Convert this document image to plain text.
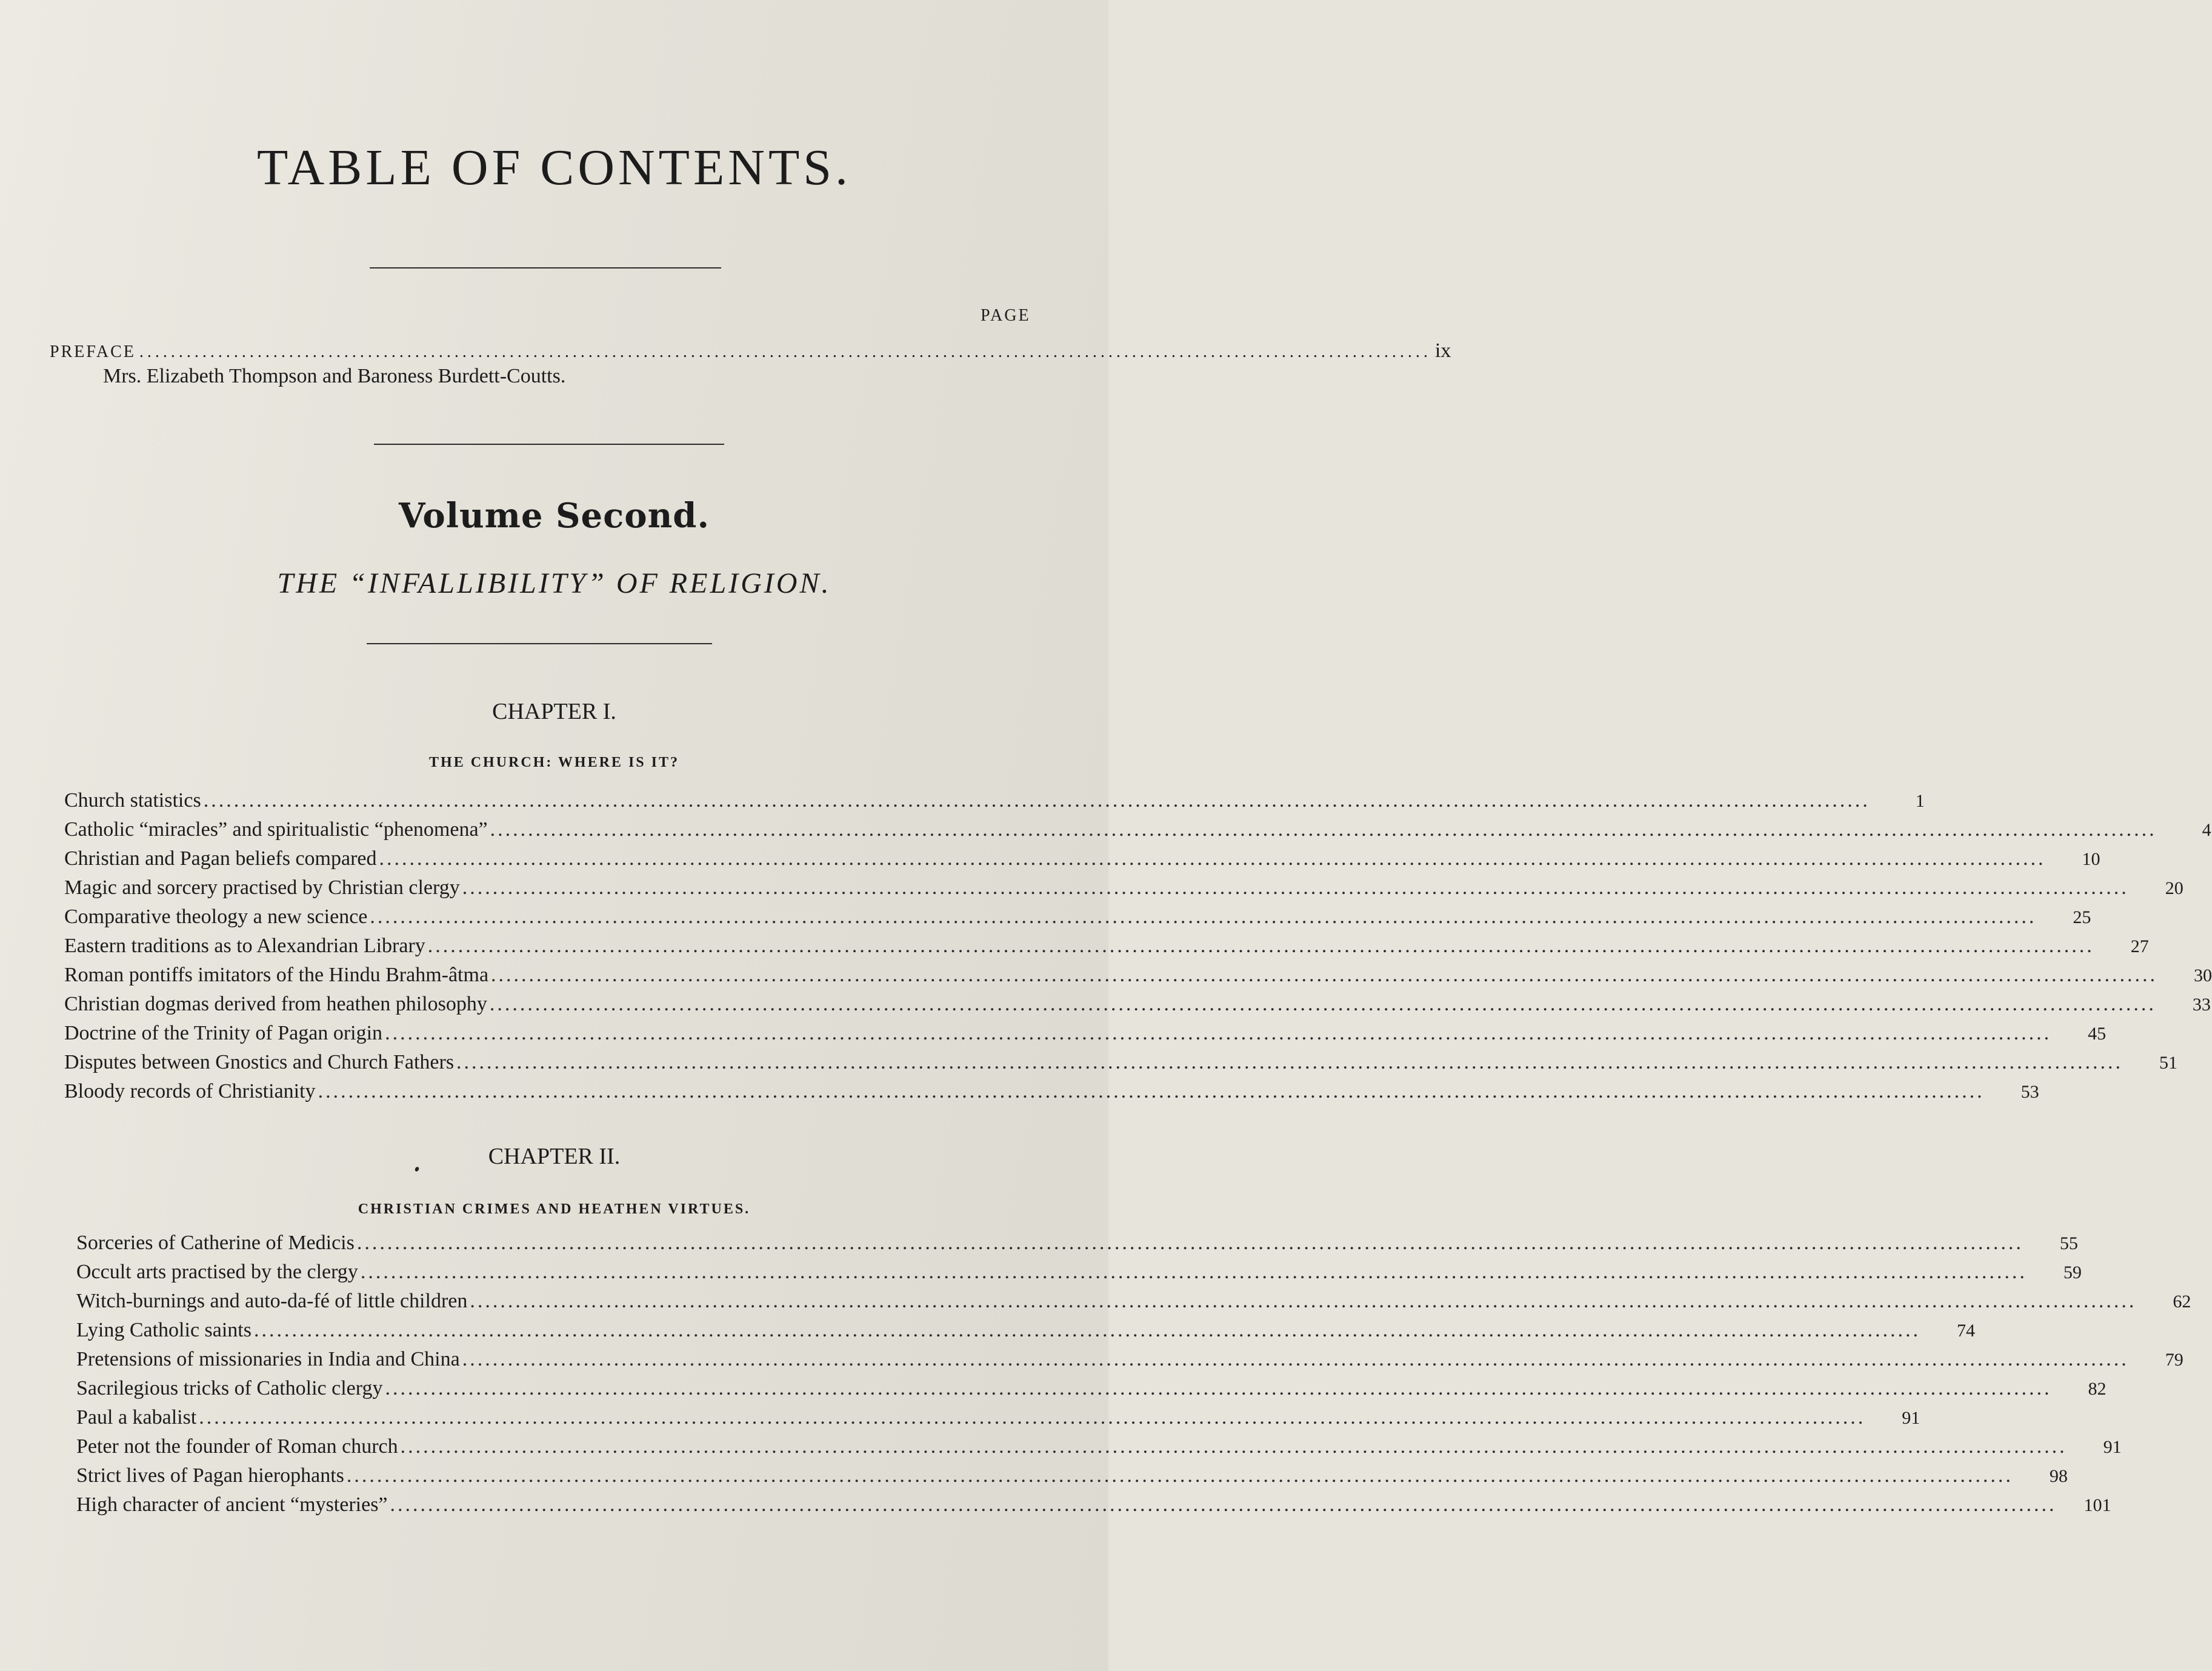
TABLE OF CONTENTS.
PAGE
PREFACE .................................................................................................................................................................... ix
Mrs. Elizabeth Thompson and Baroness Burdett-Coutts.
Volume Second.
THE “INFALLIBILITY” OF RELIGION.
CHAPTER I.
THE CHURCH: WHERE IS IT?
Church statistics ............................................................................................................................................................................................................................	1
Catholic “miracles” and spiritualistic “phenomena” ............................................................................................................................................................................................................................	4
Christian and Pagan beliefs compared ............................................................................................................................................................................................................................	10
Magic and sorcery practised by Christian clergy ............................................................................................................................................................................................................................	20
Comparative theology a new science ............................................................................................................................................................................................................................	25
Eastern traditions as to Alexandrian Library ............................................................................................................................................................................................................................	27
Roman pontiffs imitators of the Hindu Brahm-âtma ............................................................................................................................................................................................................................	30
Christian dogmas derived from heathen philosophy ............................................................................................................................................................................................................................	33
Doctrine of the Trinity of Pagan origin ............................................................................................................................................................................................................................	45
Disputes between Gnostics and Church Fathers ............................................................................................................................................................................................................................	51
Bloody records of Christianity ............................................................................................................................................................................................................................	53
CHAPTER II.
CHRISTIAN CRIMES AND HEATHEN VIRTUES.
Sorceries of Catherine of Medicis ............................................................................................................................................................................................................................	55
Occult arts practised by the clergy ............................................................................................................................................................................................................................	59
Witch-burnings and auto-da-fé of little children ............................................................................................................................................................................................................................	62
Lying Catholic saints ............................................................................................................................................................................................................................	74
Pretensions of missionaries in India and China ............................................................................................................................................................................................................................	79
Sacrilegious tricks of Catholic clergy ............................................................................................................................................................................................................................	82
Paul a kabalist ............................................................................................................................................................................................................................	91
Peter not the founder of Roman church ............................................................................................................................................................................................................................	91
Strict lives of Pagan hierophants ............................................................................................................................................................................................................................	98
High character of ancient “mysteries” ............................................................................................................................................................................................................................	101
